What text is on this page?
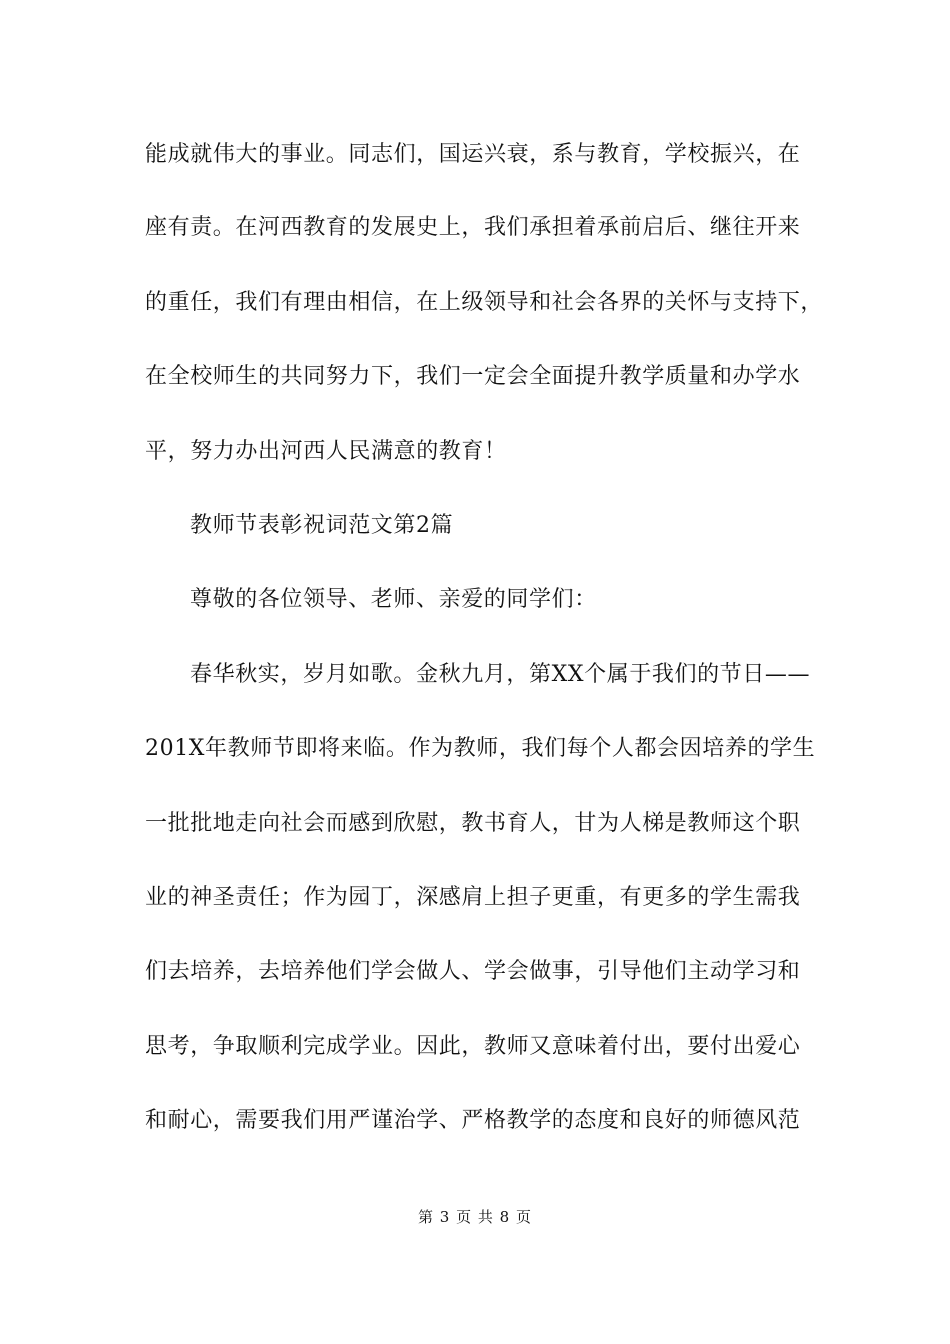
能成就伟大的事业。同志们，国运兴衰，系与教育，学校振兴，在
座有责。在河西教育的发展史上，我们承担着承前启后、继往开来
的重任，我们有理由相信，在上级领导和社会各界的关怀与支持下，
在全校师生的共同努力下，我们一定会全面提升教学质量和办学水
平，努力办出河西人民满意的教育！
教师节表彰祝词范文第2篇
尊敬的各位领导、老师、亲爱的同学们：
春华秋实，岁月如歌。金秋九月，第XX个属于我们的节日——
201X年教师节即将来临。作为教师，我们每个人都会因培养的学生
一批批地走向社会而感到欣慰，教书育人，甘为人梯是教师这个职
业的神圣责任；作为园丁，深感肩上担子更重，有更多的学生需我
们去培养，去培养他们学会做人、学会做事，引导他们主动学习和
思考，争取顺利完成学业。因此，教师又意味着付出，要付出爱心
和耐心，需要我们用严谨治学、严格教学的态度和良好的师德风范
第 3 页 共 8 页
